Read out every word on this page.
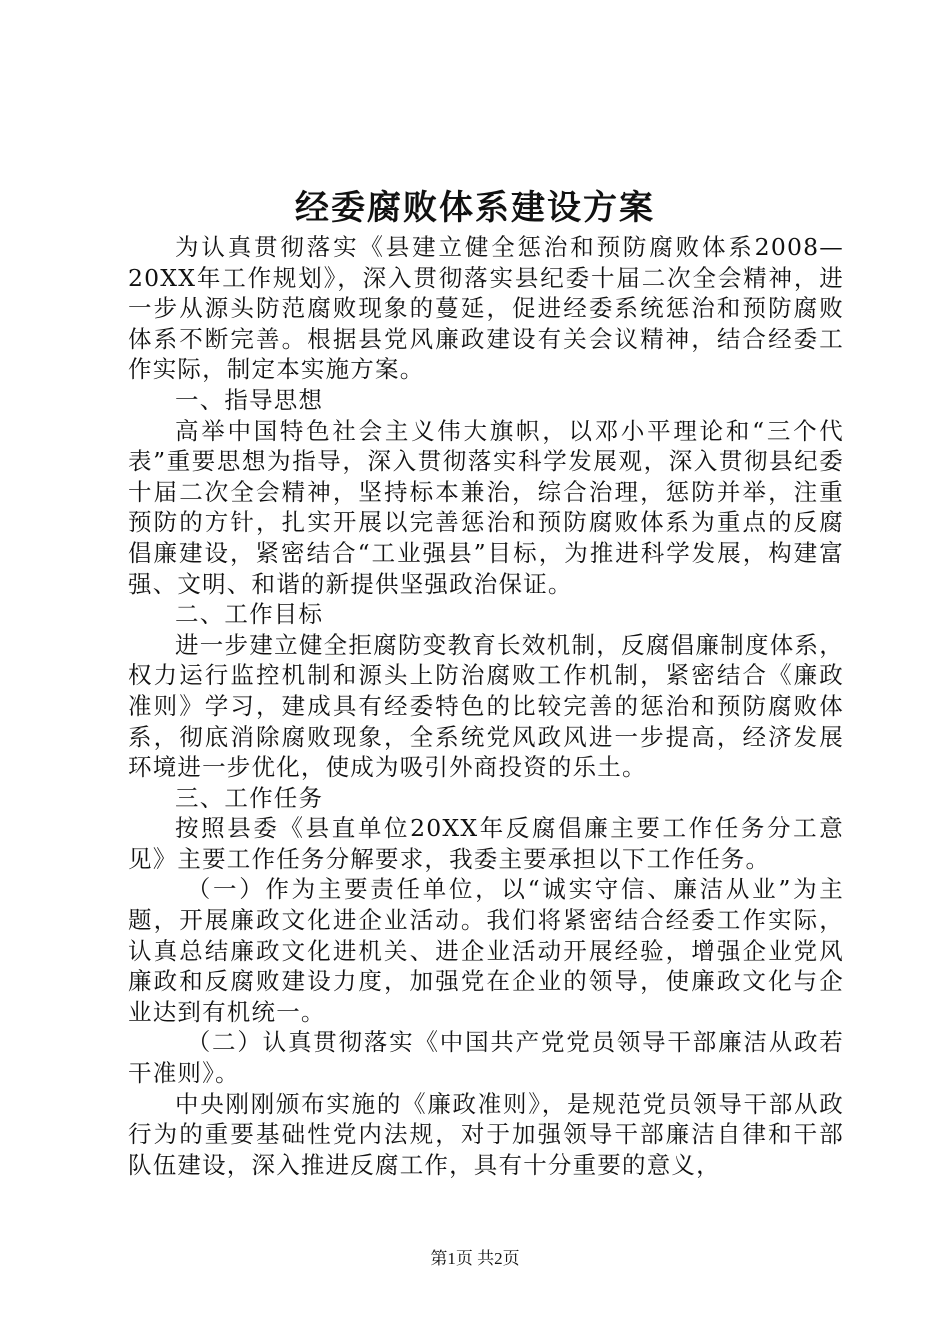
经委腐败体系建设方案

为认真贯彻落实《县建立健全惩治和预防腐败体系2008—20XX年工作规划》，深入贯彻落实县纪委十届二次全会精神，进一步从源头防范腐败现象的蔓延，促进经委系统惩治和预防腐败体系不断完善。根据县党风廉政建设有关会议精神，结合经委工作实际，制定本实施方案。

一、指导思想

高举中国特色社会主义伟大旗帜，以邓小平理论和“三个代表”重要思想为指导，深入贯彻落实科学发展观，深入贯彻县纪委十届二次全会精神，坚持标本兼治，综合治理，惩防并举，注重预防的方针，扎实开展以完善惩治和预防腐败体系为重点的反腐倡廉建设，紧密结合“工业强县”目标，为推进科学发展，构建富强、文明、和谐的新提供坚强政治保证。

二、工作目标

进一步建立健全拒腐防变教育长效机制，反腐倡廉制度体系，权力运行监控机制和源头上防治腐败工作机制，紧密结合《廉政准则》学习，建成具有经委特色的比较完善的惩治和预防腐败体系，彻底消除腐败现象，全系统党风政风进一步提高，经济发展环境进一步优化，使成为吸引外商投资的乐土。

三、工作任务

按照县委《县直单位20XX年反腐倡廉主要工作任务分工意见》主要工作任务分解要求，我委主要承担以下工作任务。

（一）作为主要责任单位，以“诚实守信、廉洁从业”为主题，开展廉政文化进企业活动。我们将紧密结合经委工作实际，认真总结廉政文化进机关、进企业活动开展经验，增强企业党风廉政和反腐败建设力度，加强党在企业的领导，使廉政文化与企业达到有机统一。

（二）认真贯彻落实《中国共产党党员领导干部廉洁从政若干准则》。

中央刚刚颁布实施的《廉政准则》，是规范党员领导干部从政行为的重要基础性党内法规，对于加强领导干部廉洁自律和干部队伍建设，深入推进反腐工作，具有十分重要的意义，

第1页 共2页
